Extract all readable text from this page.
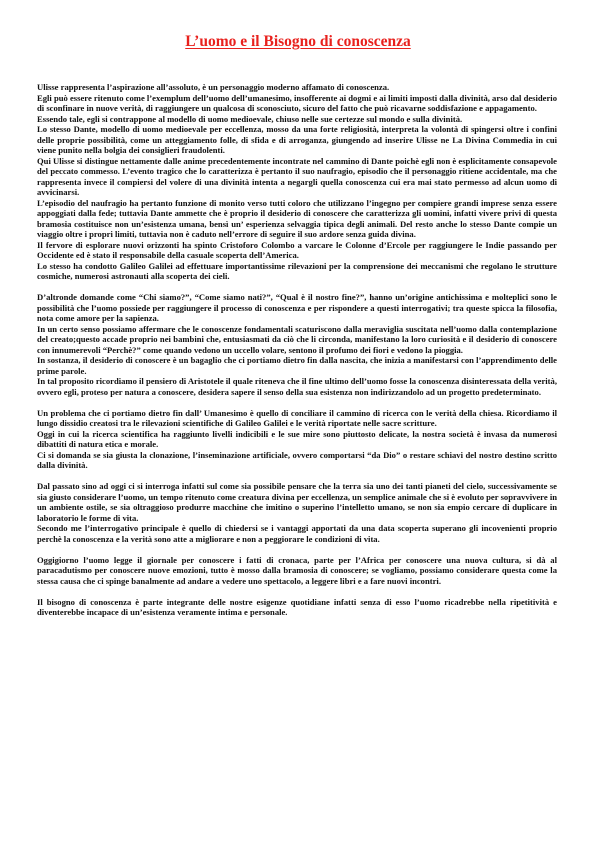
L’uomo e il Bisogno di conoscenza

Ulisse rappresenta l’aspirazione all’assoluto, è un personaggio moderno affamato di conoscenza.

Egli può essere ritenuto come l’exemplum dell’uomo dell’umanesimo, insofferente ai dogmi e ai limiti imposti dalla divinità, arso dal desiderio di sconfinare in nuove verità, di raggiungere un qualcosa di sconosciuto, sicuro del fatto che può ricavarne soddisfazione e appagamento.

Essendo tale, egli si contrappone al modello di uomo medioevale, chiuso nelle sue certezze sul mondo e sulla divinità.

Lo stesso Dante, modello di uomo medioevale per eccellenza, mosso da una forte religiosità, interpreta la volontà di spingersi oltre i confini delle proprie possibilità, come un atteggiamento folle, di sfida e di arroganza, giungendo ad inserire Ulisse ne La Divina Commedia in cui viene punito nella bolgia dei consiglieri fraudolenti.

Qui Ulisse si distingue nettamente dalle anime precedentemente incontrate nel cammino di Dante poichè egli non è esplicitamente consapevole del peccato commesso. L’evento tragico che lo caratterizza è pertanto il suo naufragio, episodio che il personaggio ritiene accidentale, ma che rappresenta invece il compiersi del volere di una divinità intenta a negargli quella conoscenza cui era mai stato permesso ad alcun uomo di avvicinarsi.

L’episodio del naufragio ha pertanto funzione di monito verso tutti coloro che utilizzano l’ingegno per compiere grandi imprese senza essere appoggiati dalla fede; tuttavia Dante ammette che è proprio il desiderio di conoscere che caratterizza gli uomini, infatti vivere privi di questa bramosia costituisce non un’esistenza umana, bensì un’ esperienza selvaggia tipica degli animali. Del resto anche lo stesso Dante compie un viaggio oltre i propri limiti, tuttavia non è caduto nell’errore di seguire il suo ardore senza guida divina.

Il fervore di esplorare nuovi orizzonti ha spinto Cristoforo Colombo a varcare le Colonne d’Ercole per raggiungere le Indie passando per Occidente ed è stato il responsabile della casuale scoperta dell’America.

Lo stesso ha condotto Galileo Galilei ad effettuare importantissime rilevazioni per la comprensione dei meccanismi che regolano le strutture cosmiche, numerosi astronauti alla scoperta dei cieli.

D’altronde domande come “Chi siamo?”, “Come siamo nati?”, “Qual è il nostro fine?”, hanno un’origine antichissima e molteplici sono le possibilità che l’uomo possiede per raggiungere il processo di conoscenza e per rispondere a questi interrogativi; tra queste spicca la filosofia, nota come amore per la sapienza.

In un certo senso possiamo affermare che le conoscenze fondamentali scaturiscono dalla meraviglia suscitata nell’uomo dalla contemplazione del creato;questo accade proprio nei bambini che, entusiasmati da ciò che li circonda, manifestano la loro curiosità e il desiderio di conoscere con innumerevoli “Perchè?” come quando vedono un uccello volare, sentono il profumo dei fiori e vedono la pioggia.

In sostanza, il desiderio di conoscere è un bagaglio che ci portiamo dietro fin dalla nascita, che inizia a manifestarsi con l’apprendimento delle prime parole.

In tal proposito ricordiamo il pensiero di Aristotele il quale riteneva che il fine ultimo dell’uomo fosse la conoscenza disinteressata della verità, ovvero egli, proteso per natura a conoscere, desidera sapere il senso della sua esistenza non indirizzandolo ad un progetto predeterminato.

Un problema che ci portiamo dietro fin dall’ Umanesimo è quello di conciliare il cammino di ricerca con le verità della chiesa. Ricordiamo il lungo dissidio creatosi tra le rilevazioni scientifiche di Galileo Galilei e le verità riportate nelle sacre scritture.

Oggi in cui la ricerca scientifica ha raggiunto livelli indicibili e le sue mire sono piuttosto delicate, la nostra società è invasa da numerosi dibattiti di natura etica e morale.

Ci si domanda se sia giusta la clonazione, l’inseminazione artificiale, ovvero comportarsi “da Dio” o restare schiavi del nostro destino scritto dalla divinità.

Dal passato sino ad oggi ci si interroga infatti sul come sia possibile pensare che la terra sia uno dei tanti pianeti del cielo, successivamente se sia giusto considerare l’uomo, un tempo ritenuto come creatura divina per eccellenza, un semplice animale che si è evoluto per sopravvivere in un ambiente ostile, se sia oltraggioso produrre macchine che imitino o superino l’intelletto umano, se non sia empio cercare di duplicare in laboratorio le forme di vita.

Secondo me l’interrogativo principale è quello di chiedersi se i vantaggi apportati da una data scoperta superano gli incovenienti proprio perchè la conoscenza e la verità sono atte a migliorare e non a peggiorare le condizioni di vita.

Oggigiorno l’uomo legge il giornale per conoscere i fatti di cronaca, parte per l’Africa per conoscere una nuova cultura, si dà al paracadutismo per conoscere nuove emozioni, tutto è mosso dalla bramosia di conoscere; se vogliamo, possiamo considerare questa come la stessa causa che ci spinge banalmente ad andare a vedere uno spettacolo, a leggere libri e a fare nuovi incontri.

Il bisogno di conoscenza è parte integrante delle nostre esigenze quotidiane infatti senza di esso l’uomo ricadrebbe nella ripetitività e diventerebbe incapace di un’esistenza veramente intima e personale.
